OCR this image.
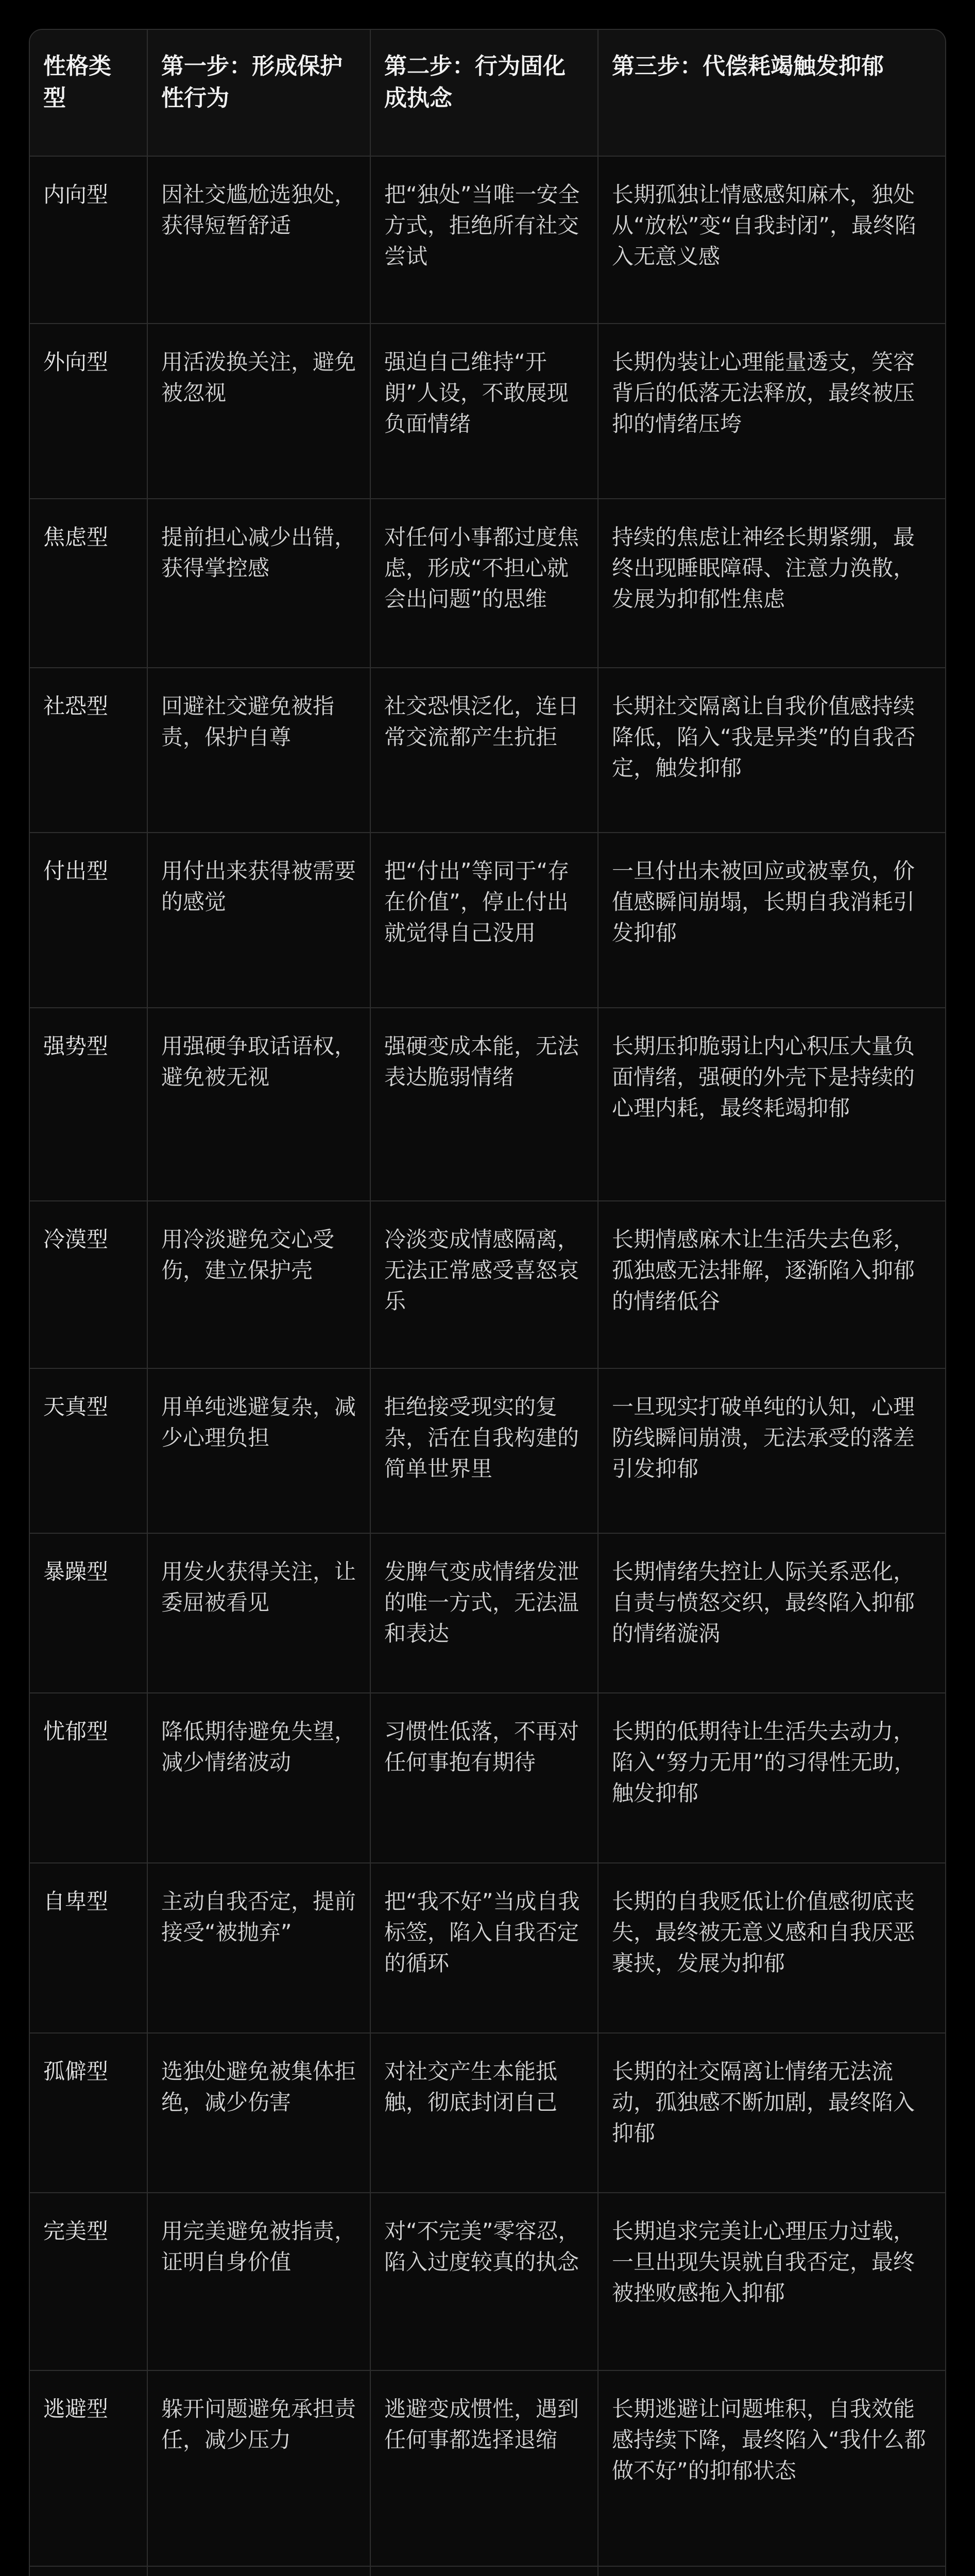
性格类型	第一步：形成保护性行为	第二步：行为固化成执念	第三步：代偿耗竭触发抑郁
内向型	因社交尴尬选独处，获得短暂舒适	把“独处”当唯一安全方式，拒绝所有社交尝试	长期孤独让情感感知麻木，独处从“放松”变“自我封闭”，最终陷入无意义感
外向型	用活泼换关注，避免被忽视	强迫自己维持“开朗”人设，不敢展现负面情绪	长期伪装让心理能量透支，笑容背后的低落无法释放，最终被压抑的情绪压垮
焦虑型	提前担心减少出错，获得掌控感	对任何小事都过度焦虑，形成“不担心就会出问题”的思维	持续的焦虑让神经长期紧绷，最终出现睡眠障碍、注意力涣散，发展为抑郁性焦虑
社恐型	回避社交避免被指责，保护自尊	社交恐惧泛化，连日常交流都产生抗拒	长期社交隔离让自我价值感持续降低，陷入“我是异类”的自我否定，触发抑郁
付出型	用付出来获得被需要的感觉	把“付出”等同于“存在价值”，停止付出就觉得自己没用	一旦付出未被回应或被辜负，价值感瞬间崩塌，长期自我消耗引发抑郁
强势型	用强硬争取话语权，避免被无视	强硬变成本能，无法表达脆弱情绪	长期压抑脆弱让内心积压大量负面情绪，强硬的外壳下是持续的心理内耗，最终耗竭抑郁
冷漠型	用冷淡避免交心受伤，建立保护壳	冷淡变成情感隔离，无法正常感受喜怒哀乐	长期情感麻木让生活失去色彩，孤独感无法排解，逐渐陷入抑郁的情绪低谷
天真型	用单纯逃避复杂，减少心理负担	拒绝接受现实的复杂，活在自我构建的简单世界里	一旦现实打破单纯的认知，心理防线瞬间崩溃，无法承受的落差引发抑郁
暴躁型	用发火获得关注，让委屈被看见	发脾气变成情绪发泄的唯一方式，无法温和表达	长期情绪失控让人际关系恶化，自责与愤怒交织，最终陷入抑郁的情绪漩涡
忧郁型	降低期待避免失望，减少情绪波动	习惯性低落，不再对任何事抱有期待	长期的低期待让生活失去动力，陷入“努力无用”的习得性无助，触发抑郁
自卑型	主动自我否定，提前接受“被抛弃”	把“我不好”当成自我标签，陷入自我否定的循环	长期的自我贬低让价值感彻底丧失，最终被无意义感和自我厌恶裹挟，发展为抑郁
孤僻型	选独处避免被集体拒绝，减少伤害	对社交产生本能抵触，彻底封闭自己	长期的社交隔离让情绪无法流动，孤独感不断加剧，最终陷入抑郁
完美型	用完美避免被指责，证明自身价值	对“不完美”零容忍，陷入过度较真的执念	长期追求完美让心理压力过载，一旦出现失误就自我否定，最终被挫败感拖入抑郁
逃避型	躲开问题避免承担责任，减少压力	逃避变成惯性，遇到任何事都选择退缩	长期逃避让问题堆积，自我效能感持续下降，最终陷入“我什么都做不好”的抑郁状态
